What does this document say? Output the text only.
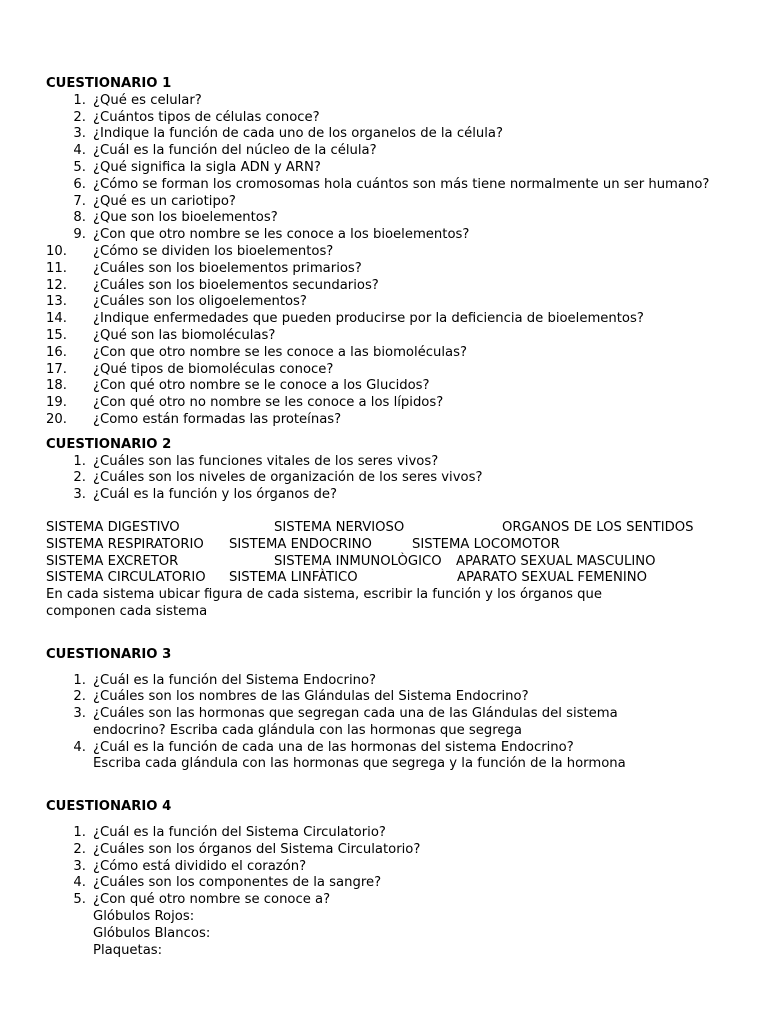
CUESTIONARIO 1

1. ¿Qué es celular?
2. ¿Cuántos tipos de células conoce?
3. ¿Indique la función de cada uno de los organelos de la célula?
4. ¿Cuál es la función del núcleo de la célula?
5. ¿Qué significa la sigla ADN y ARN?
6. ¿Cómo se forman los cromosomas hola cuántos son más tiene normalmente un ser humano?
7. ¿Qué es un cariotipo?
8. ¿Que son los bioelementos?
9. ¿Con que otro nombre se les conoce a los bioelementos?
10.	¿Cómo se dividen los bioelementos?
11.	¿Cuáles son los bioelementos primarios?
12.	¿Cuáles son los bioelementos secundarios?
13.	¿Cuáles son los oligoelementos?
14.	¿Indique enfermedades que pueden producirse por la deficiencia de bioelementos?
15.	¿Qué son las biomoléculas?
16.	¿Con que otro nombre se les conoce a las biomoléculas?
17.	¿Qué tipos de biomoléculas conoce?
18.	¿Con qué otro nombre se le conoce a los Glucidos?
19.	¿Con qué otro no nombre se les conoce a los lípidos?
20.	¿Como están formadas las proteínas?

CUESTIONARIO 2

1. ¿Cuáles son las funciones vitales de los seres vivos?
2. ¿Cuáles son los niveles de organización de los seres vivos?
3. ¿Cuál es la función y los órganos de?
SISTEMA DIGESTIVO	SISTEMA NERVIOSO	ORGANOS DE LOS SENTIDOS
SISTEMA RESPIRATORIO	SISTEMA ENDOCRINO	SISTEMA LOCOMOTOR
SISTEMA EXCRETOR	SISTEMA INMUNOLÒGICO	APARATO SEXUAL MASCULINO
SISTEMA CIRCULATORIO	SISTEMA LINFÀTICO	APARATO SEXUAL FEMENINO

En cada sistema ubicar figura de cada sistema, escribir la función y los órganos que componen cada sistema

CUESTIONARIO 3

1. ¿Cuál es la función del Sistema Endocrino?
2. ¿Cuáles son los nombres de las Glándulas del Sistema Endocrino?
3. ¿Cuáles son las hormonas que segregan cada una de las Glándulas del sistema endocrino? Escriba cada glándula con las hormonas que segrega
4. ¿Cuál es la función de cada una de las hormonas del sistema Endocrino?

Escriba cada glándula con las hormonas que segrega y la función de la hormona

CUESTIONARIO 4

1. ¿Cuál es la función del Sistema Circulatorio?
2. ¿Cuáles son los órganos del Sistema Circulatorio?
3. ¿Cómo está dividido el corazón?
4. ¿Cuáles son los componentes de la sangre?
5. ¿Con qué otro nombre se conoce a?

Glóbulos Rojos:

Glóbulos Blancos:

Plaquetas:
